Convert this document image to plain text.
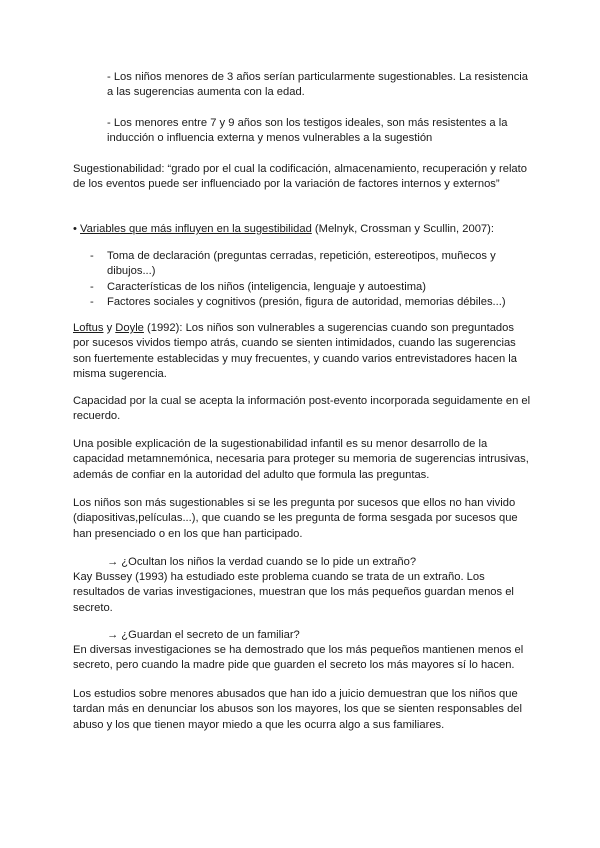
- Los niños menores de 3 años serían particularmente sugestionables. La resistencia a las sugerencias aumenta con la edad.

- Los menores entre 7 y 9 años son los testigos ideales, son más resistentes a la inducción o influencia externa y menos vulnerables a la sugestión

Sugestionabilidad: “grado por el cual la codificación, almacenamiento, recuperación y relato de los eventos puede ser influenciado por la variación de factores internos y externos”

• Variables que más influyen en la sugestibilidad (Melnyk, Crossman y Scullin, 2007):

- Toma de declaración (preguntas cerradas, repetición, estereotipos, muñecos y dibujos...)
- Características de los niños (inteligencia, lenguaje y autoestima)
- Factores sociales y cognitivos (presión, figura de autoridad, memorias débiles...)

Loftus y Doyle (1992): Los niños son vulnerables a sugerencias cuando son preguntados por sucesos vividos tiempo atrás, cuando se sienten intimidados, cuando las sugerencias son fuertemente establecidas y muy frecuentes, y cuando varios entrevistadores hacen la misma sugerencia.

Capacidad por la cual se acepta la información post-evento incorporada seguidamente en el recuerdo.

Una posible explicación de la sugestionabilidad infantil es su menor desarrollo de la capacidad metamnemónica, necesaria para proteger su memoria de sugerencias intrusivas, además de confiar en la autoridad del adulto que formula las preguntas.

Los niños son más sugestionables si se les pregunta por sucesos que ellos no han vivido (diapositivas,películas...), que cuando se les pregunta de forma sesgada por sucesos que han presenciado o en los que han participado.

→ ¿Ocultan los niños la verdad cuando se lo pide un extraño?

Kay Bussey (1993) ha estudiado este problema cuando se trata de un extraño. Los resultados de varias investigaciones, muestran que los más pequeños guardan menos el secreto.

→ ¿Guardan el secreto de un familiar?

En diversas investigaciones se ha demostrado que los más pequeños mantienen menos el secreto, pero cuando la madre pide que guarden el secreto los más mayores sí lo hacen.

Los estudios sobre menores abusados que han ido a juicio demuestran que los niños que tardan más en denunciar los abusos son los mayores, los que se sienten responsables del abuso y los que tienen mayor miedo a que les ocurra algo a sus familiares.
